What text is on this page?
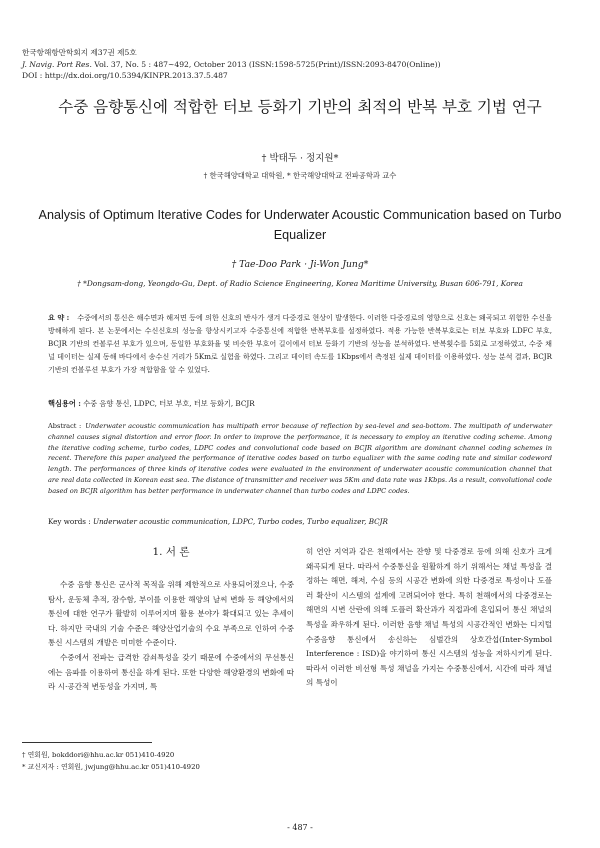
한국항해항만학회지 제37권 제5호
J. Navig. Port Res. Vol. 37, No. 5 : 487~492, October 2013 (ISSN:1598-5725(Print)/ISSN:2093-8470(Online))
DOI : http://dx.doi.org/10.5394/KINPR.2013.37.5.487
수중 음향통신에 적합한 터보 등화기 기반의 최적의 반복 부호 기법 연구
† 박태두 · 정지원*
† 한국해양대학교 대학원, * 한국해양대학교 전파공학과 교수
Analysis of Optimum Iterative Codes for Underwater Acoustic Communication based on Turbo Equalizer
† Tae-Doo Park · Ji-Won Jung*
† *Dongsam-dong, Yeongdo-Gu, Dept. of Radio Science Engineering, Korea Maritime University, Busan 606-791, Korea
요 약 : 수중에서의 통신은 해수면과 해저면 등에 의한 신호의 반사가 생겨 다중경로 현상이 발생한다. 이러한 다중경로의 영향으로 신호는 왜곡되고 위험한 수신을 방해하게 된다. 본 논문에서는 수신신호의 성능을 향상시키고자 수중통신에 적합한 반복부호를 설정하였다. 적용 가능한 반복부호로는 터보 부호와 LDFC 부호, BCJR 기반의 컨볼루션 부호가 있으며, 동일한 부호화율 및 비슷한 부호어 길이에서 터보 등화기 기반의 성능을 분석하였다. 반복횟수를 5회로 고정하였고, 수중 채널 데이터는 실제 동해 바다에서 송수신 거리가 5Km로 실험을 하였다. 그리고 데이터 속도를 1Kbps에서 측정된 실제 데이터를 이용하였다. 성능 분석 결과, BCJR 기반의 컨볼루션 부호가 가장 적합함을 알 수 있었다.
핵심용어 : 수중 음향 통신, LDPC, 터보 부호, 터보 등화기, BCJR
Abstract : Underwater acoustic communication has multipath error because of reflection by sea-level and sea-bottom. The multipath of underwater channel causes signal distortion and error floor. In order to improve the performance, it is necessary to employ an iterative coding scheme. Among the iterative coding scheme, turbo codes, LDPC codes and convolutional code based on BCJR algorithm are dominant channel coding schemes in recent. Therefore this paper analyzed the performance of iterative codes based on turbo equalizer with the same coding rate and similar codeword length. The performances of three kinds of iterative codes were evaluated in the environment of underwater acoustic communication channel that are real data collected in Korean east sea. The distance of transmitter and receiver was 5Km and data rate was 1Kbps. As a result, convolutional code based on BCJR algorithm has better performance in underwater channel than turbo codes and LDPC codes.
Key words : Underwater acoustic communication, LDPC, Turbo codes, Turbo equalizer, BCJR
1. 서 론

수중 음향 통신은 군사적 목적을 위해 제한적으로 사용되어졌으나, 수중 탐사, 운동체 추적, 잠수함, 부이를 이용한 해양의 날씨 변화 등 해양에서의 통신에 대한 연구가 활발히 이루어지며 활용 분야가 확대되고 있는 추세이다. 하지만 국내의 기술 수준은 해양산업기술의 수요 부족으로 인하여 수중통신 시스템의 개발은 미미한 수준이다.

수중에서 전파는 급격한 감쇠특성을 갖기 때문에 수중에서의 무선통신에는 음파를 이용하여 통신을 하게 된다. 또한 다양한 해양환경의 변화에 따라 시·공간적 변동성을 가지며, 특

히 연안 지역과 같은 천해에서는 잔향 및 다중경로 등에 의해 신호가 크게 왜곡되게 된다. 따라서 수중통신을 원활하게 하기 위해서는 채널 특성을 결정하는 해면, 해저, 수심 등의 시공간 변화에 의한 다중경로 특성이나 도플러 확산이 시스템의 설계에 고려되어야 한다. 특히 천해에서의 다중경로는 해면의 시변 산란에 의해 도플러 확산과가 직접과에 혼입되어 통신 채널의 특성을 좌우하게 된다. 이러한 음향 채널 특성의 시공간적인 변화는 디지털 수중음향 통신에서 송신하는 심벌간의 상호간섭(Inter-Symbol Interference : ISD)을 야기하여 통신 시스템의 성능을 저하시키게 된다. 따라서 이러한 비선형 특성 채널을 가지는 수중통신에서, 시간에 따라 채널의 특성이

† 연회원, bokddori@hhu.ac.kr 051)410-4920
* 교신저자 : 연회원, jwjung@hhu.ac.kr 051)410-4920
- 487 -
